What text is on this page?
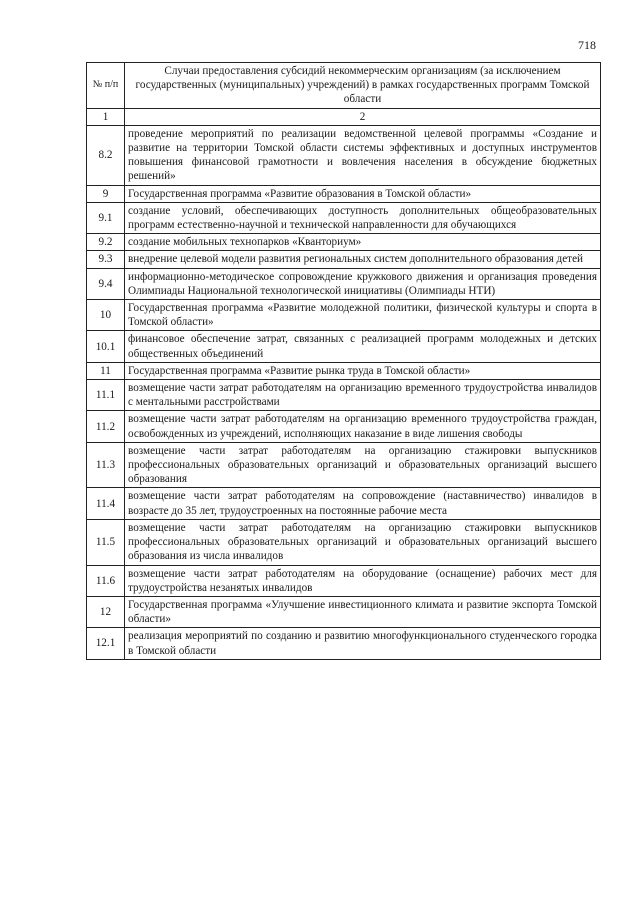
718
№ п/п	Случаи предоставления субсидий некоммерческим организациям (за исключением государственных (муниципальных) учреждений) в рамках государственных программ Томской области
1	2
8.2	проведение мероприятий по реализации ведомственной целевой программы «Создание и развитие на территории Томской области системы эффективных и доступных инструментов повышения финансовой грамотности и вовлечения населения в обсуждение бюджетных решений»
9	Государственная программа «Развитие образования в Томской области»
9.1	создание условий, обеспечивающих доступность дополнительных общеобразовательных программ естественно-научной и технической направленности для обучающихся
9.2	создание мобильных технопарков «Кванториум»
9.3	внедрение целевой модели развития региональных систем дополнительного образования детей
9.4	информационно-методическое сопровождение кружкового движения и организация проведения Олимпиады Национальной технологической инициативы (Олимпиады НТИ)
10	Государственная программа «Развитие молодежной политики, физической культуры и спорта в Томской области»
10.1	финансовое обеспечение затрат, связанных с реализацией программ молодежных и детских общественных объединений
11	Государственная программа «Развитие рынка труда в Томской области»
11.1	возмещение части затрат работодателям на организацию временного трудоустройства инвалидов с ментальными расстройствами
11.2	возмещение части затрат работодателям на организацию временного трудоустройства граждан, освобожденных из учреждений, исполняющих наказание в виде лишения свободы
11.3	возмещение части затрат работодателям на организацию стажировки выпускников профессиональных образовательных организаций и образовательных организаций высшего образования
11.4	возмещение части затрат работодателям на сопровождение (наставничество) инвалидов в возрасте до 35 лет, трудоустроенных на постоянные рабочие места
11.5	возмещение части затрат работодателям на организацию стажировки выпускников профессиональных образовательных организаций и образовательных организаций высшего образования из числа инвалидов
11.6	возмещение части затрат работодателям на оборудование (оснащение) рабочих мест для трудоустройства незанятых инвалидов
12	Государственная программа «Улучшение инвестиционного климата и развитие экспорта Томской области»
12.1	реализация мероприятий по созданию и развитию многофункционального студенческого городка в Томской области
